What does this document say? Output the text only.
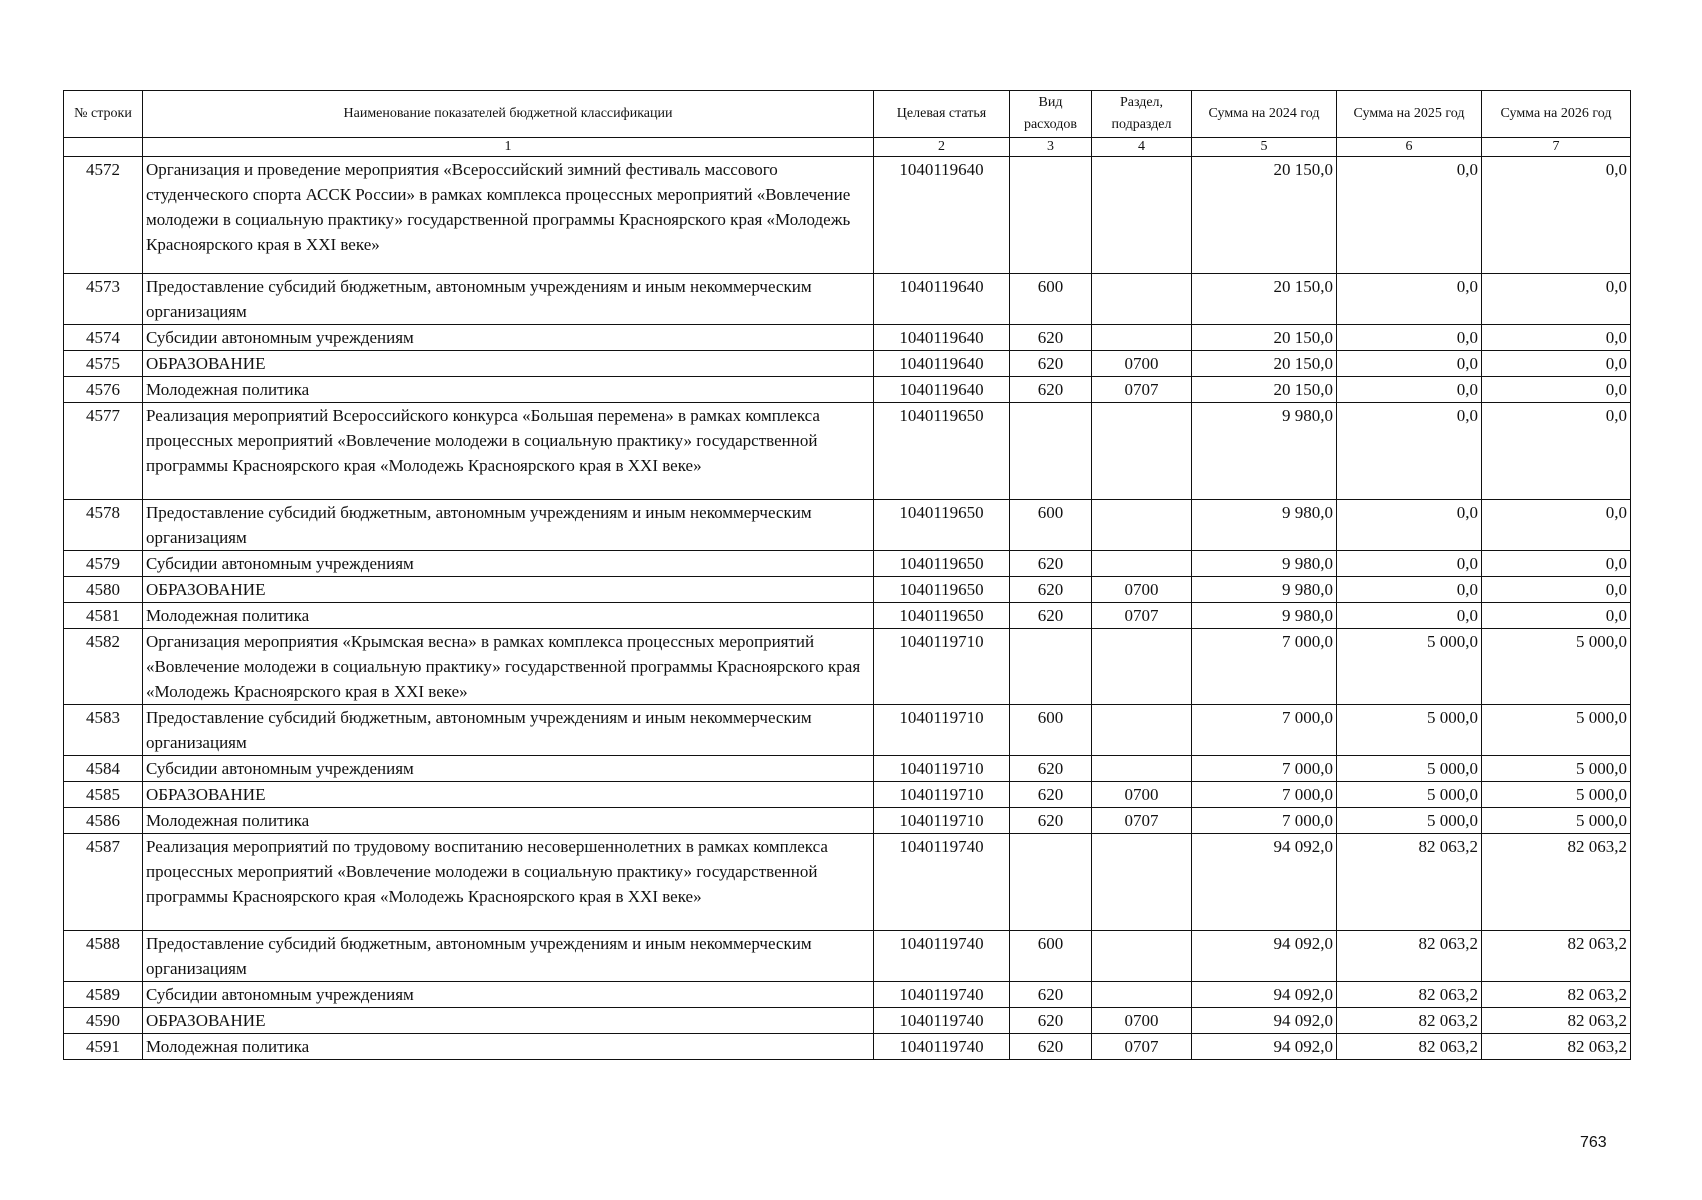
№ строки	Наименование показателей бюджетной классификации	Целевая статья	Вид расходов	Раздел, подраздел	Сумма на 2024 год	Сумма на 2025 год	Сумма на 2026 год
	1	2	3	4	5	6	7
4572	Организация и проведение мероприятия «Всероссийский зимний фестиваль массового студенческого спорта АССК России» в рамках комплекса процессных мероприятий «Вовлечение молодежи в социальную практику» государственной программы Красноярского края «Молодежь Красноярского края в XXI веке»	1040119640			20 150,0	0,0	0,0
4573	Предоставление субсидий бюджетным, автономным учреждениям и иным некоммерческим организациям	1040119640	600		20 150,0	0,0	0,0
4574	Субсидии автономным учреждениям	1040119640	620		20 150,0	0,0	0,0
4575	ОБРАЗОВАНИЕ	1040119640	620	0700	20 150,0	0,0	0,0
4576	Молодежная политика	1040119640	620	0707	20 150,0	0,0	0,0
4577	Реализация мероприятий Всероссийского конкурса «Большая перемена» в рамках комплекса процессных мероприятий «Вовлечение молодежи в социальную практику» государственной программы Красноярского края «Молодежь Красноярского края в XXI веке»	1040119650			9 980,0	0,0	0,0
4578	Предоставление субсидий бюджетным, автономным учреждениям и иным некоммерческим организациям	1040119650	600		9 980,0	0,0	0,0
4579	Субсидии автономным учреждениям	1040119650	620		9 980,0	0,0	0,0
4580	ОБРАЗОВАНИЕ	1040119650	620	0700	9 980,0	0,0	0,0
4581	Молодежная политика	1040119650	620	0707	9 980,0	0,0	0,0
4582	Организация мероприятия «Крымская весна» в рамках комплекса процессных мероприятий «Вовлечение молодежи в социальную практику» государственной программы Красноярского края «Молодежь Красноярского края в XXI веке»	1040119710			7 000,0	5 000,0	5 000,0
4583	Предоставление субсидий бюджетным, автономным учреждениям и иным некоммерческим организациям	1040119710	600		7 000,0	5 000,0	5 000,0
4584	Субсидии автономным учреждениям	1040119710	620		7 000,0	5 000,0	5 000,0
4585	ОБРАЗОВАНИЕ	1040119710	620	0700	7 000,0	5 000,0	5 000,0
4586	Молодежная политика	1040119710	620	0707	7 000,0	5 000,0	5 000,0
4587	Реализация мероприятий по трудовому воспитанию несовершеннолетних в рамках комплекса процессных мероприятий «Вовлечение молодежи в социальную практику» государственной программы Красноярского края «Молодежь Красноярского края в XXI веке»	1040119740			94 092,0	82 063,2	82 063,2
4588	Предоставление субсидий бюджетным, автономным учреждениям и иным некоммерческим организациям	1040119740	600		94 092,0	82 063,2	82 063,2
4589	Субсидии автономным учреждениям	1040119740	620		94 092,0	82 063,2	82 063,2
4590	ОБРАЗОВАНИЕ	1040119740	620	0700	94 092,0	82 063,2	82 063,2
4591	Молодежная политика	1040119740	620	0707	94 092,0	82 063,2	82 063,2
763
